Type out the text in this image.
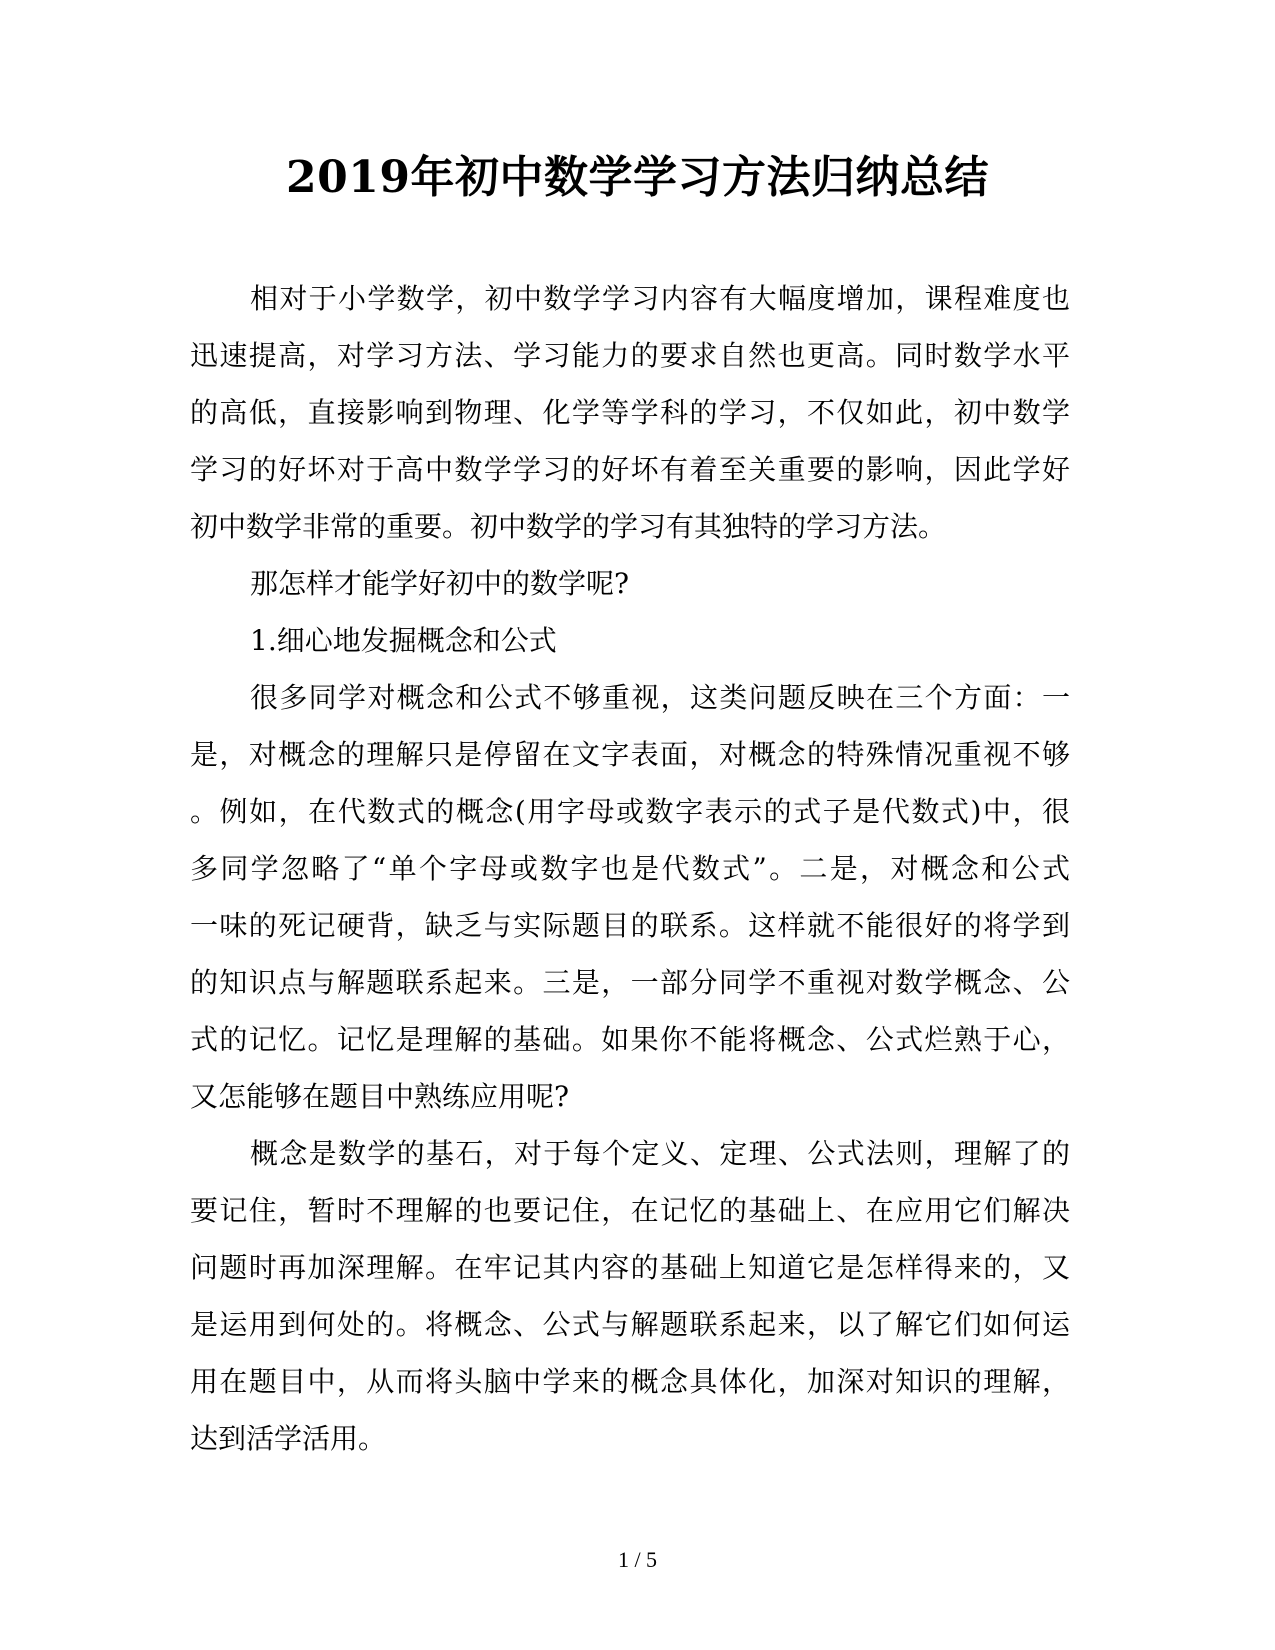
2019年初中数学学习方法归纳总结
相对于小学数学，初中数学学习内容有大幅度增加，课程难度也
迅速提高，对学习方法、学习能力的要求自然也更高。同时数学水平
的高低，直接影响到物理、化学等学科的学习，不仅如此，初中数学
学习的好坏对于高中数学学习的好坏有着至关重要的影响，因此学好
初中数学非常的重要。初中数学的学习有其独特的学习方法。
那怎样才能学好初中的数学呢?
1.细心地发掘概念和公式
很多同学对概念和公式不够重视，这类问题反映在三个方面：一
是，对概念的理解只是停留在文字表面，对概念的特殊情况重视不够
。例如，在代数式的概念(用字母或数字表示的式子是代数式)中，很
多同学忽略了“单个字母或数字也是代数式”。二是，对概念和公式
一味的死记硬背，缺乏与实际题目的联系。这样就不能很好的将学到
的知识点与解题联系起来。三是，一部分同学不重视对数学概念、公
式的记忆。记忆是理解的基础。如果你不能将概念、公式烂熟于心，
又怎能够在题目中熟练应用呢?
概念是数学的基石，对于每个定义、定理、公式法则，理解了的
要记住，暂时不理解的也要记住，在记忆的基础上、在应用它们解决
问题时再加深理解。在牢记其内容的基础上知道它是怎样得来的，又
是运用到何处的。将概念、公式与解题联系起来，以了解它们如何运
用在题目中，从而将头脑中学来的概念具体化，加深对知识的理解，
达到活学活用。
1 / 5
